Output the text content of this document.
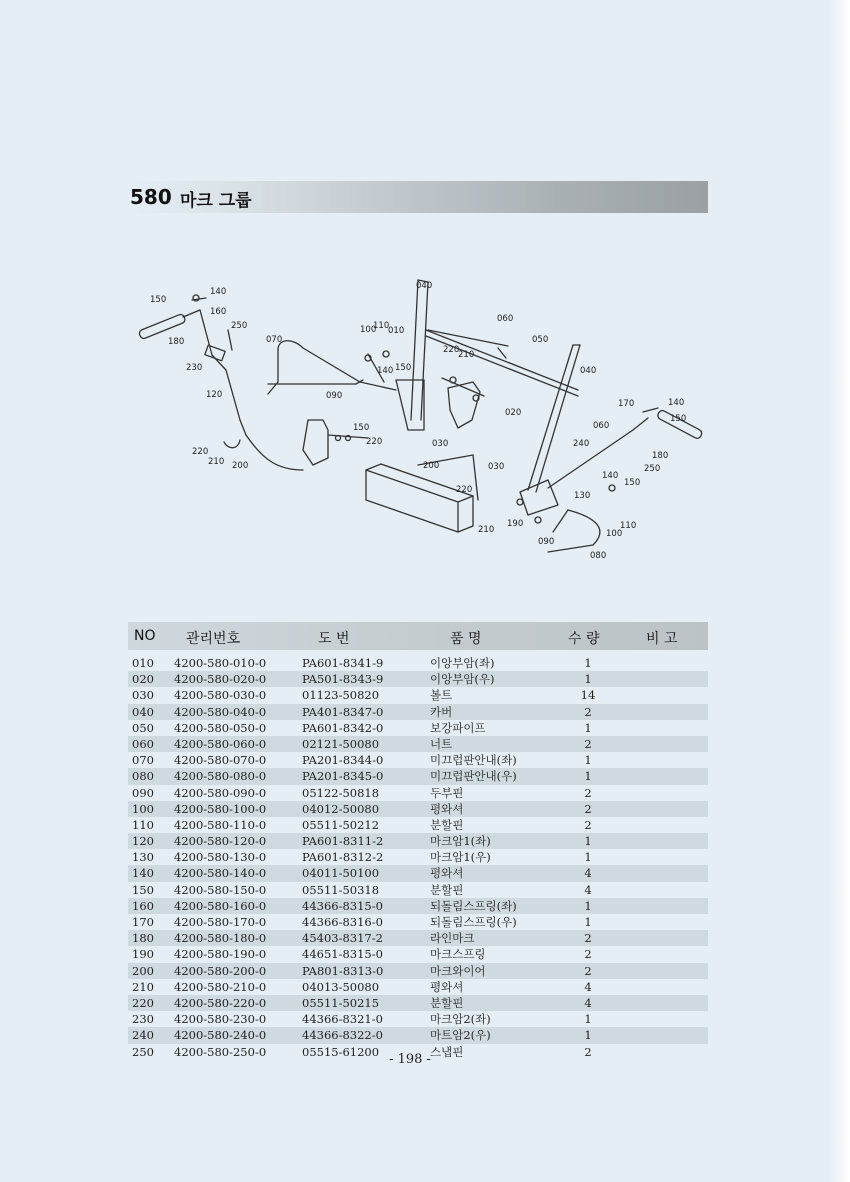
580 마크 그룹
150
140
160
250
180
230
070
120
220
210 200
010
110
100
140 150
090
150
220
040
030
060
050
220
210
040
020
030
200
060
170	140
150
180
240
250
140
150
130
220
190
210	110
100
090
080
NO 관리번호	도 번	품 명	수 량	비 고
010 4200-580-010-0	PA601-8341-9	이앙부암(좌)	1
020 4200-580-020-0	PA501-8343-9	이앙부암(우)	1
030 4200-580-030-0	01123-50820	볼트	14
040 4200-580-040-0	PA401-8347-0	카버	2
050 4200-580-050-0	PA601-8342-0	보강파이프	1
060 4200-580-060-0	02121-50080	너트	2
070 4200-580-070-0	PA201-8344-0	미끄럽판안내(좌)	1
080 4200-580-080-0	PA201-8345-0	미끄럽판안내(우)	1
090 4200-580-090-0	05122-50818	두부핀	2
100 4200-580-100-0	04012-50080	평와셔	2
110 4200-580-110-0	05511-50212	분할핀	2
120 4200-580-120-0	PA601-8311-2	마크암1(좌)	1
130 4200-580-130-0	PA601-8312-2	마크암1(우)	1
140 4200-580-140-0	04011-50100	평와셔	4
150 4200-580-150-0	05511-50318	분할핀	4
160 4200-580-160-0	44366-8315-0	되돌림스프링(좌)	1
170 4200-580-170-0	44366-8316-0	되돌림스프링(우)	1
180 4200-580-180-0	45403-8317-2	라인마크	2
190 4200-580-190-0	44651-8315-0	마크스프링	2
200 4200-580-200-0	PA801-8313-0	마크와이어	2
210 4200-580-210-0	04013-50080	평와셔	4
220 4200-580-220-0	05511-50215	분할핀	4
230 4200-580-230-0	44366-8321-0	마크암2(좌)	1
240 4200-580-240-0	44366-8322-0	마트암2(우)	1
250 4200-580-250-0	05515-61200	스냅핀	2
- 198 -
